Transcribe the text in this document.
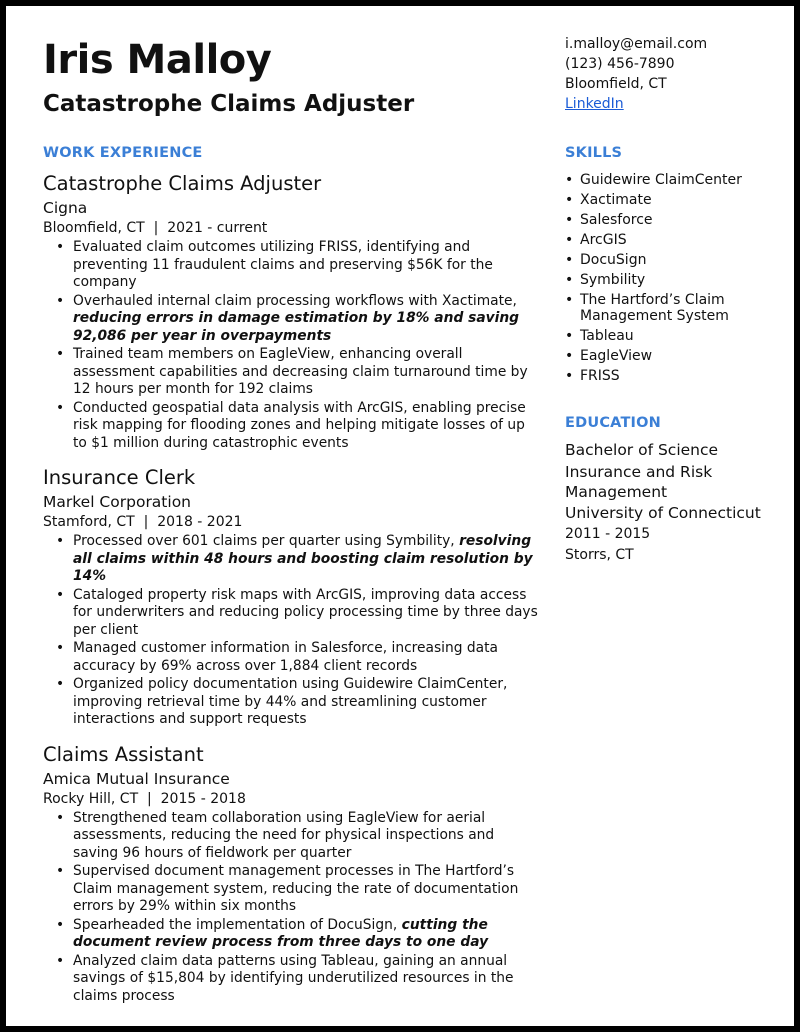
Iris Malloy
Catastrophe Claims Adjuster
i.malloy@email.com
(123) 456-7890
Bloomfield, CT
LinkedIn
WORK EXPERIENCE	SKILLS
EDUCATION
Catastrophe Claims Adjuster
Cigna
Bloomfield, CT  |  2021 - current
• Evaluated claim outcomes utilizing FRISS, identifying and preventing 11 fraudulent claims and preserving $56K for the company
• Overhauled internal claim processing workflows with Xactimate, reducing errors in damage estimation by 18% and saving 92,086 per year in overpayments
• Trained team members on EagleView, enhancing overall assessment capabilities and decreasing claim turnaround time by 12 hours per month for 192 claims
• Conducted geospatial data analysis with ArcGIS, enabling precise risk mapping for flooding zones and helping mitigate losses of up to $1 million during catastrophic events
Insurance Clerk
Markel Corporation
Stamford, CT  |  2018 - 2021
• Processed over 601 claims per quarter using Symbility, resolving all claims within 48 hours and boosting claim resolution by 14%
• Cataloged property risk maps with ArcGIS, improving data access for underwriters and reducing policy processing time by three days per client
• Managed customer information in Salesforce, increasing data accuracy by 69% across over 1,884 client records
• Organized policy documentation using Guidewire ClaimCenter, improving retrieval time by 44% and streamlining customer interactions and support requests
Claims Assistant
Amica Mutual Insurance
Rocky Hill, CT  |  2015 - 2018
• Strengthened team collaboration using EagleView for aerial assessments, reducing the need for physical inspections and saving 96 hours of fieldwork per quarter
• Supervised document management processes in The Hartford’s Claim management system, reducing the rate of documentation errors by 29% within six months
• Spearheaded the implementation of DocuSign, cutting the document review process from three days to one day
• Analyzed claim data patterns using Tableau, gaining an annual savings of $15,804 by identifying underutilized resources in the claims process
• Guidewire ClaimCenter
• Xactimate
• Salesforce
• ArcGIS
• DocuSign
• Symbility
• The Hartford’s Claim Management System
• Tableau
• EagleView
• FRISS
Bachelor of Science
Insurance and Risk Management
University of Connecticut
2011 - 2015
Storrs, CT
